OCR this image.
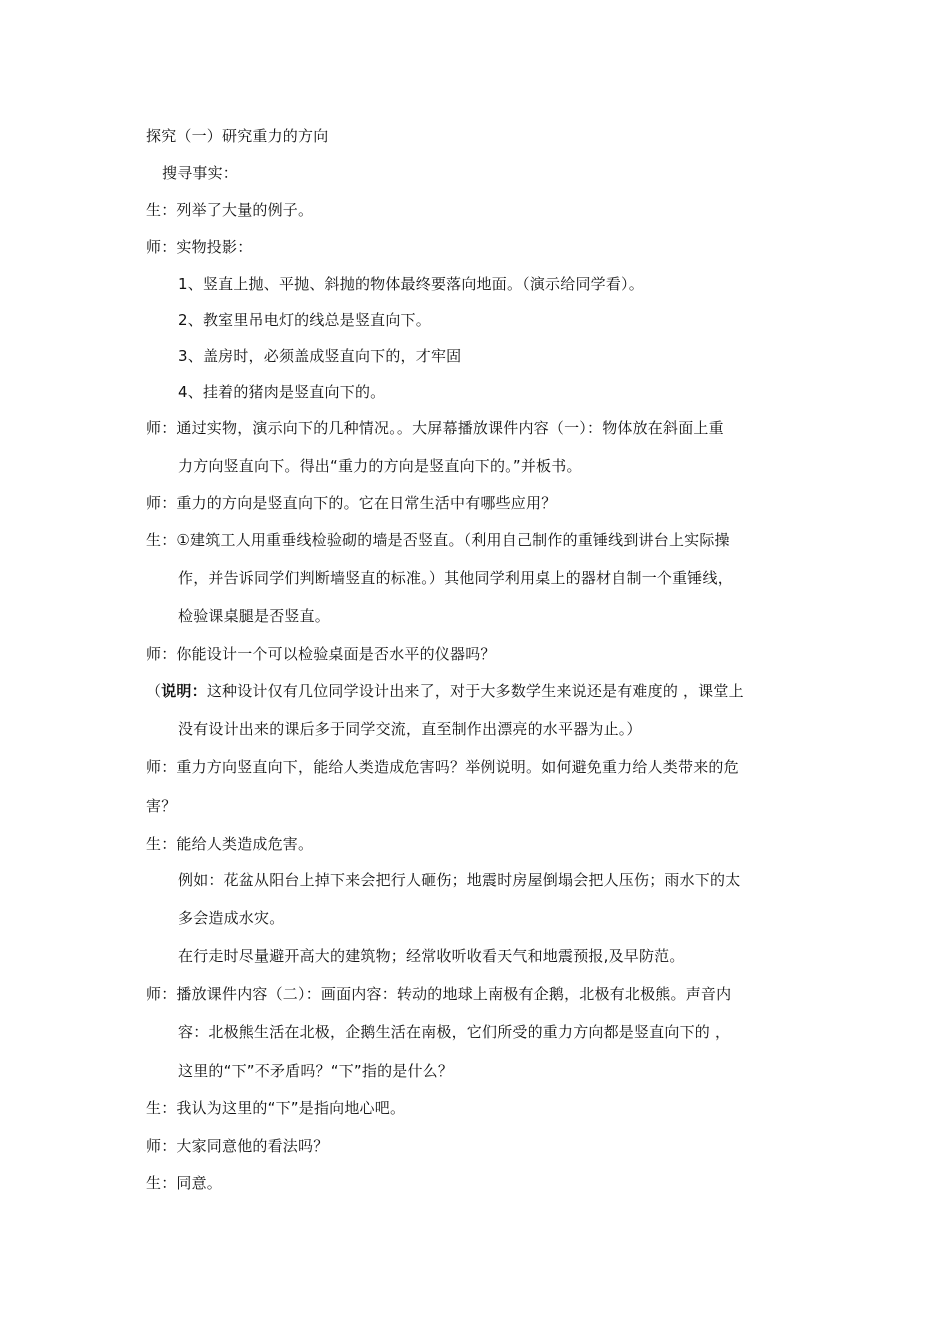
探究（一）研究重力的方向
搜寻事实：
生：列举了大量的例子。
师：实物投影：
1、竖直上抛、平抛、斜抛的物体最终要落向地面。（演示给同学看）。
2、教室里吊电灯的线总是竖直向下。
3、盖房时，必须盖成竖直向下的，才牢固
4、挂着的猪肉是竖直向下的。
师：通过实物，演示向下的几种情况。。大屏幕播放课件内容（一）：物体放在斜面上重
力方向竖直向下。得出“重力的方向是竖直向下的。”并板书。
师：重力的方向是竖直向下的。它在日常生活中有哪些应用？
生：①建筑工人用重垂线检验砌的墙是否竖直。（利用自己制作的重锤线到讲台上实际操
作，并告诉同学们判断墙竖直的标准。）其他同学利用桌上的器材自制一个重锤线，
检验课桌腿是否竖直。
师：你能设计一个可以检验桌面是否水平的仪器吗？
（说明：这种设计仅有几位同学设计出来了，对于大多数学生来说还是有难度的 ，课堂上
没有设计出来的课后多于同学交流，直至制作出漂亮的水平器为止。）
师：重力方向竖直向下，能给人类造成危害吗？举例说明。如何避免重力给人类带来的危
害？
生：能给人类造成危害。
例如：花盆从阳台上掉下来会把行人砸伤；地震时房屋倒塌会把人压伤；雨水下的太
多会造成水灾。
在行走时尽量避开高大的建筑物；经常收听收看天气和地震预报,及早防范。
师：播放课件内容（二）：画面内容：转动的地球上南极有企鹅，北极有北极熊。声音内
容：北极熊生活在北极，企鹅生活在南极，它们所受的重力方向都是竖直向下的 ，
这里的“下”不矛盾吗？“下”指的是什么？
生：我认为这里的“下”是指向地心吧。
师：大家同意他的看法吗？
生：同意。
